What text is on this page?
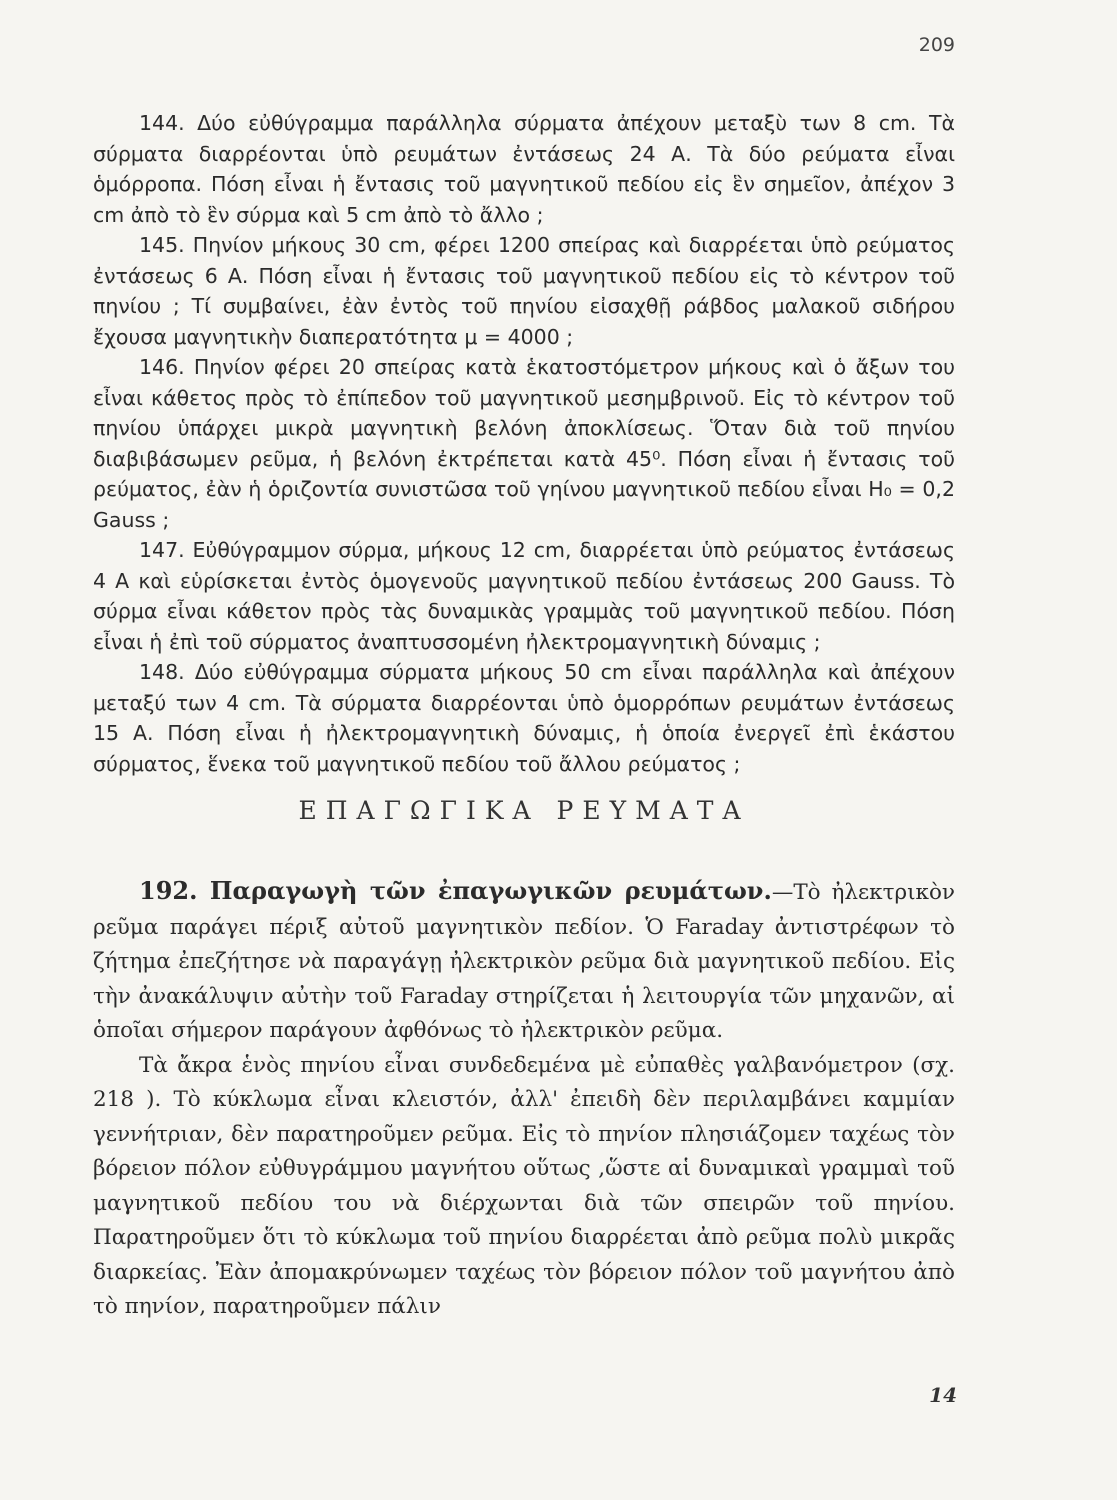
209

144. Δύο εὐθύγραμμα παράλληλα σύρματα ἀπέχουν μεταξὺ των 8 cm. Τὰ σύρματα διαρρέονται ὑπὸ ρευμάτων ἐντάσεως 24 Α. Τὰ δύο ρεύματα εἶναι ὁμόρροπα. Πόση εἶναι ἡ ἔντασις τοῦ μαγνητικοῦ πεδίου εἰς ἓν σημεῖον, ἀπέχον 3 cm ἀπὸ τὸ ἓν σύρμα καὶ 5 cm ἀπὸ τὸ ἄλλο ;

145. Πηνίον μήκους 30 cm, φέρει 1200 σπείρας καὶ διαρρέεται ὑπὸ ρεύματος ἐντάσεως 6 Α. Πόση εἶναι ἡ ἔντασις τοῦ μαγνητικοῦ πεδίου εἰς τὸ κέντρον τοῦ πηνίου ; Τί συμβαίνει, ἐὰν ἐντὸς τοῦ πηνίου εἰσαχθῇ ράβδος μαλακοῦ σιδήρου ἔχουσα μαγνητικὴν διαπερατότητα μ = 4000 ;

146. Πηνίον φέρει 20 σπείρας κατὰ ἑκατοστόμετρον μήκους καὶ ὁ ἄξων του εἶναι κάθετος πρὸς τὸ ἐπίπεδον τοῦ μαγνητικοῦ μεσημβρινοῦ. Εἰς τὸ κέντρον τοῦ πηνίου ὑπάρχει μικρὰ μαγνητικὴ βελόνη ἀποκλίσεως. Ὅταν διὰ τοῦ πηνίου διαβιβάσωμεν ρεῦμα, ἡ βελόνη ἐκτρέπεται κατὰ 45⁰. Πόση εἶναι ἡ ἔντασις τοῦ ρεύματος, ἐὰν ἡ ὁριζοντία συνιστῶσα τοῦ γηίνου μαγνητικοῦ πεδίου εἶναι H₀ = 0,2 Gauss ;

147. Εὐθύγραμμον σύρμα, μήκους 12 cm, διαρρέεται ὑπὸ ρεύματος ἐντάσεως 4 Α καὶ εὑρίσκεται ἐντὸς ὁμογενοῦς μαγνητικοῦ πεδίου ἐντάσεως 200 Gauss. Τὸ σύρμα εἶναι κάθετον πρὸς τὰς δυναμικὰς γραμμὰς τοῦ μαγνητικοῦ πεδίου. Πόση εἶναι ἡ ἐπὶ τοῦ σύρματος ἀναπτυσσομένη ἠλεκτρομαγνητικὴ δύναμις ;

148. Δύο εὐθύγραμμα σύρματα μήκους 50 cm εἶναι παράλληλα καὶ ἀπέχουν μεταξύ των 4 cm. Τὰ σύρματα διαρρέονται ὑπὸ ὁμορρόπων ρευμάτων ἐντάσεως 15 Α. Πόση εἶναι ἡ ἠλεκτρομαγνητικὴ δύναμις, ἡ ὁποία ἐνεργεῖ ἐπὶ ἑκάστου σύρματος, ἕνεκα τοῦ μαγνητικοῦ πεδίου τοῦ ἄλλου ρεύματος ;

ΕΠΑΓΩΓΙΚΑ ΡΕΥΜΑΤΑ

192. Παραγωγὴ τῶν ἐπαγωγικῶν ρευμάτων.—Τὸ ἠλεκτρικὸν ρεῦμα παράγει πέριξ αὐτοῦ μαγνητικὸν πεδίον. Ὁ Faraday ἀντιστρέφων τὸ ζήτημα ἐπεζήτησε νὰ παραγάγῃ ἠλεκτρικὸν ρεῦμα διὰ μαγνητικοῦ πεδίου. Εἰς τὴν ἀνακάλυψιν αὐτὴν τοῦ Faraday στηρίζεται ἡ λειτουργία τῶν μηχανῶν, αἱ ὁποῖαι σήμερον παράγουν ἀφθόνως τὸ ἠλεκτρικὸν ρεῦμα.

Τὰ ἄκρα ἑνὸς πηνίου εἶναι συνδεδεμένα μὲ εὐπαθὲς γαλβανόμετρον (σχ. 218 ). Τὸ κύκλωμα εἶναι κλειστόν, ἀλλ' ἐπειδὴ δὲν περιλαμβάνει καμμίαν γεννήτριαν, δὲν παρατηροῦμεν ρεῦμα. Εἰς τὸ πηνίον πλησιάζομεν ταχέως τὸν βόρειον πόλον εὐθυγράμμου μαγνήτου οὕτως ,ὥστε αἱ δυναμικαὶ γραμμαὶ τοῦ μαγνητικοῦ πεδίου του νὰ διέρχωνται διὰ τῶν σπειρῶν τοῦ πηνίου. Παρατηροῦμεν ὅτι τὸ κύκλωμα τοῦ πηνίου διαρρέεται ἀπὸ ρεῦμα πολὺ μικρᾶς διαρκείας. Ἐὰν ἀπομακρύνωμεν ταχέως τὸν βόρειον πόλον τοῦ μαγνήτου ἀπὸ τὸ πηνίον, παρατηροῦμεν πάλιν

14
